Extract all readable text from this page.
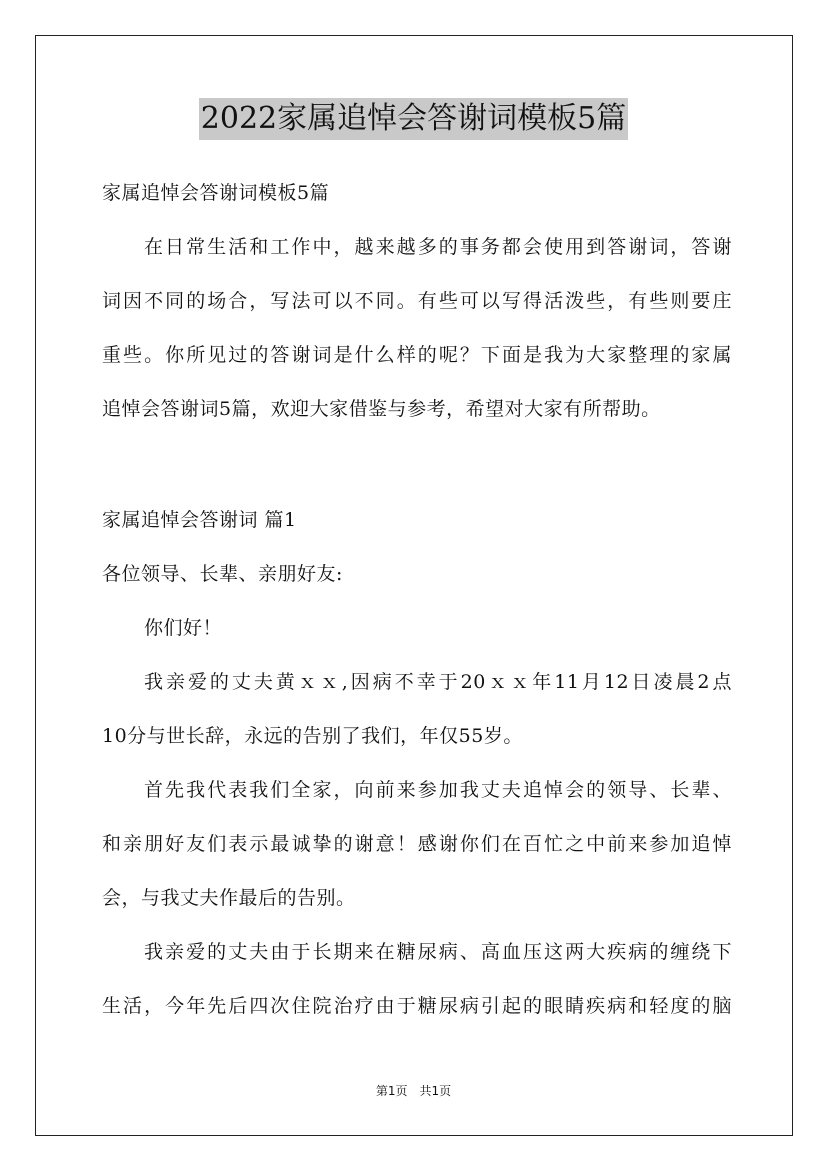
2022家属追悼会答谢词模板5篇
家属追悼会答谢词模板5篇
在日常生活和工作中，越来越多的事务都会使用到答谢词，答谢
词因不同的场合，写法可以不同。有些可以写得活泼些，有些则要庄
重些。你所见过的答谢词是什么样的呢？下面是我为大家整理的家属
追悼会答谢词5篇，欢迎大家借鉴与参考，希望对大家有所帮助。
家属追悼会答谢词 篇1
各位领导、长辈、亲朋好友:
你们好！
我亲爱的丈夫黄ｘｘ,因病不幸于20ｘｘ年11月12日凌晨2点
10分与世长辞，永远的告别了我们，年仅55岁。
首先我代表我们全家，向前来参加我丈夫追悼会的领导、长辈、
和亲朋好友们表示最诚挚的谢意！感谢你们在百忙之中前来参加追悼
会，与我丈夫作最后的告别。
我亲爱的丈夫由于长期来在糖尿病、高血压这两大疾病的缠绕下
生活，今年先后四次住院治疗由于糖尿病引起的眼睛疾病和轻度的脑
第1页　共1页
